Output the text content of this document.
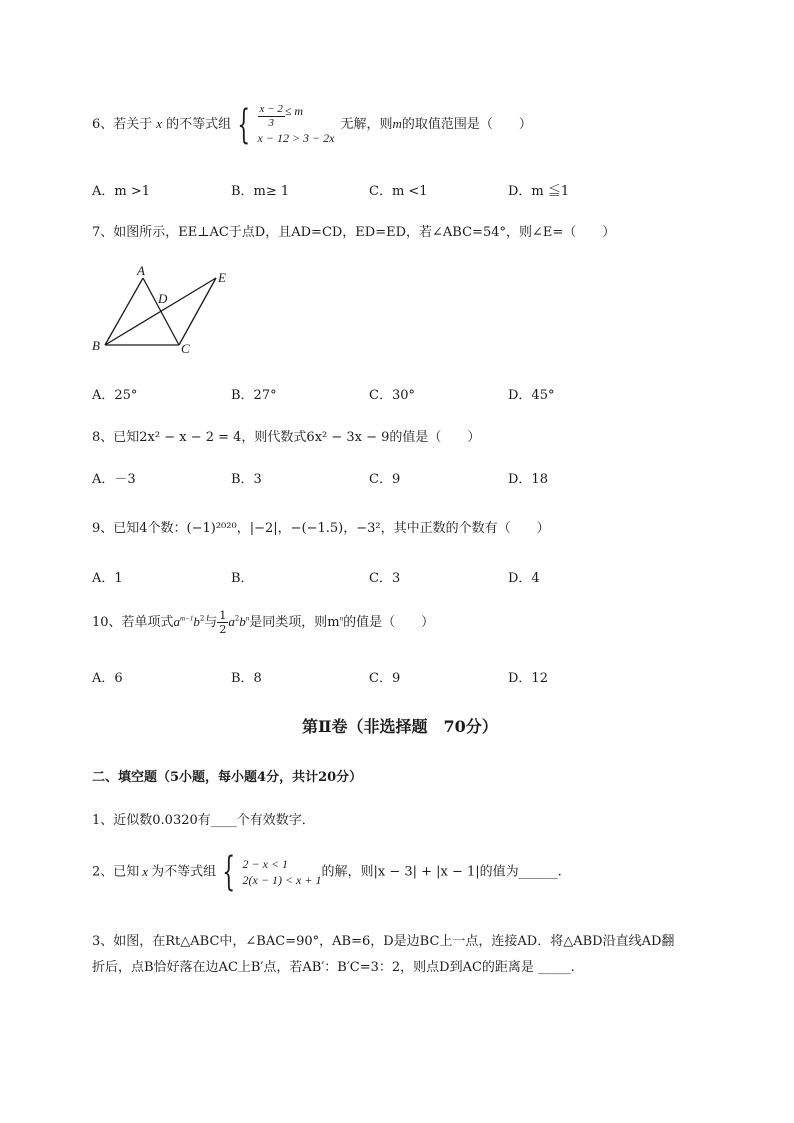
6、若关于 x 的不等式组 { $\frac{x - 2}{3} \le m$
x − 12 > 3 − 2x
无解，则m的取值范围是（　　）
A．m >1	B．m≥ 1	C．m <1	D．m ≦1
7、如图所示，EE⊥AC于点D，且AD=CD，ED=ED，若∠ABC=54°，则∠E=（　　）
A
B	C
D
E
A．25°	B．27°	C．30°	D．45°
8、已知2x² − x − 2 = 4，则代数式6x² − 3x − 9的值是（　　）
A．－3	B．3	C．9	D．18
9、已知4个数：(−1)²⁰²⁰，|−2|，−(−1.5)，−3²，其中正数的个数有（　　）
A．1	B．	C．3	D．4
10、若单项式$a^{m-1}b^2$与 $\frac{1}{2} a^2b^n$是同类项，则$m^n$的值是（　　）
A．6	B．8	C．9	D．12
第Ⅱ卷（非选择题　70分）
二、填空题（5小题，每小题4分，共计20分）
1、近似数0.0320有____个有效数字．
2、已知 x 为不等式组 { 2 − x < 1
2(x − 1) < x + 1
的解，则|x − 3| + |x − 1|的值为______.
3、如图，在Rt△ABC中，∠BAC=90°，AB=6，D是边BC上一点，连接AD．将△ABD沿直线AD翻
折后，点B恰好落在边AC上B′点，若AB′：B′C=3：2，则点D到AC的距离是 _____.
